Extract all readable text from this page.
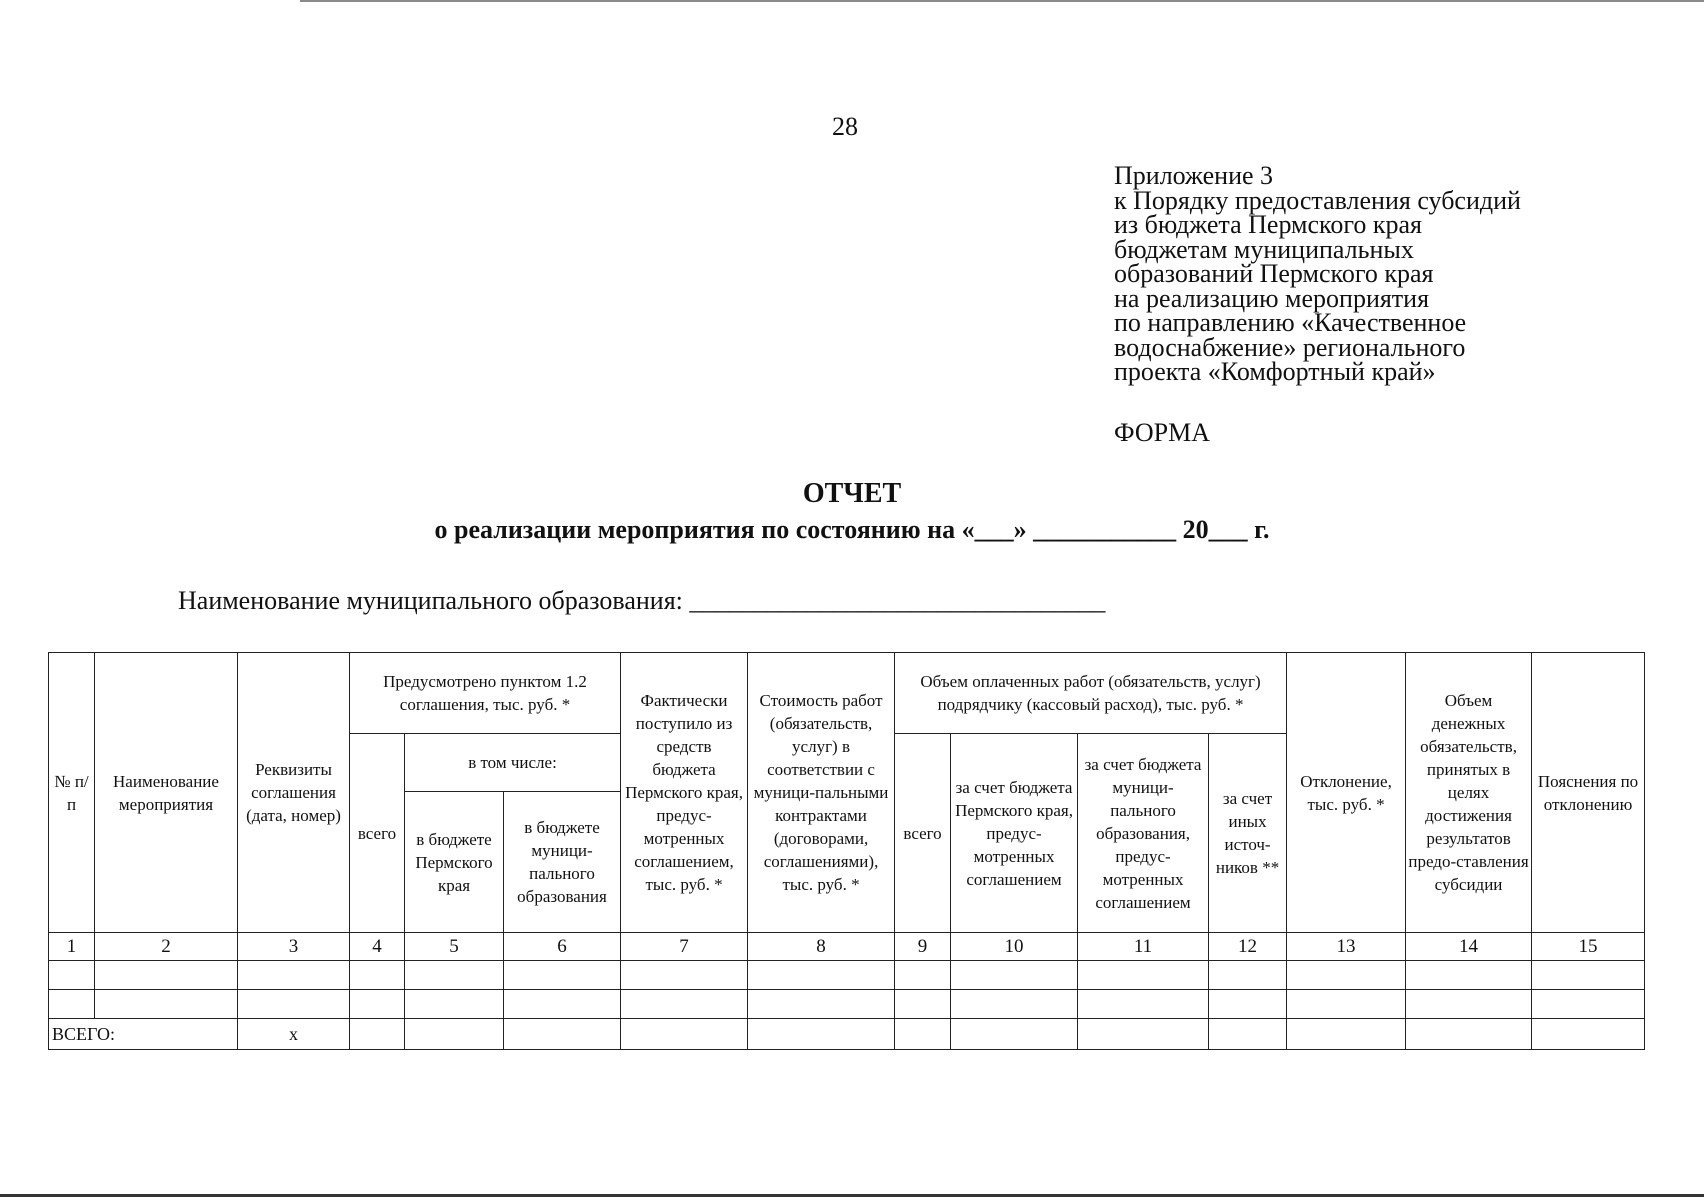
28
Приложение 3
к Порядку предоставления субсидий
из бюджета Пермского края
бюджетам муниципальных
образований Пермского края
на реализацию мероприятия
по направлению «Качественное
водоснабжение» регионального
проекта «Комфортный край»
ФОРМА
ОТЧЕТ
о реализации мероприятия по состоянию на «___» ___________ 20___ г.
Наименование муниципального образования: ________________________________
№ п/п	Наименование мероприятия	Реквизиты соглашения (дата, номер)	Предусмотрено пунктом 1.2 соглашения, тыс. руб. *			Фактически поступило из средств бюджета Пермского края, предус-мотренных соглашением, тыс. руб. *	Стоимость работ (обязательств, услуг) в соответствии с муници-пальными контрактами (договорами, соглашениями), тыс. руб. *	Объем оплаченных работ (обязательств, услуг) подрядчику (кассовый расход), тыс. руб. *				Отклонение, тыс. руб. *	Объем денежных обязательств, принятых в целях достижения результатов предо-ставления субсидии	Пояснения по отклонению
			всего	в том числе:				всего	за счет бюджета Пермского края, предус-мотренных соглашением	за счет бюджета муници-пального образования, предус-мотренных соглашением	за счет иных источ-ников **			
				в бюджете Пермского края	в бюджете муници-пального образования									
1	2	3	4	5	6	7	8	9	10	11	12	13	14	15

ВСЕГО:		x												
